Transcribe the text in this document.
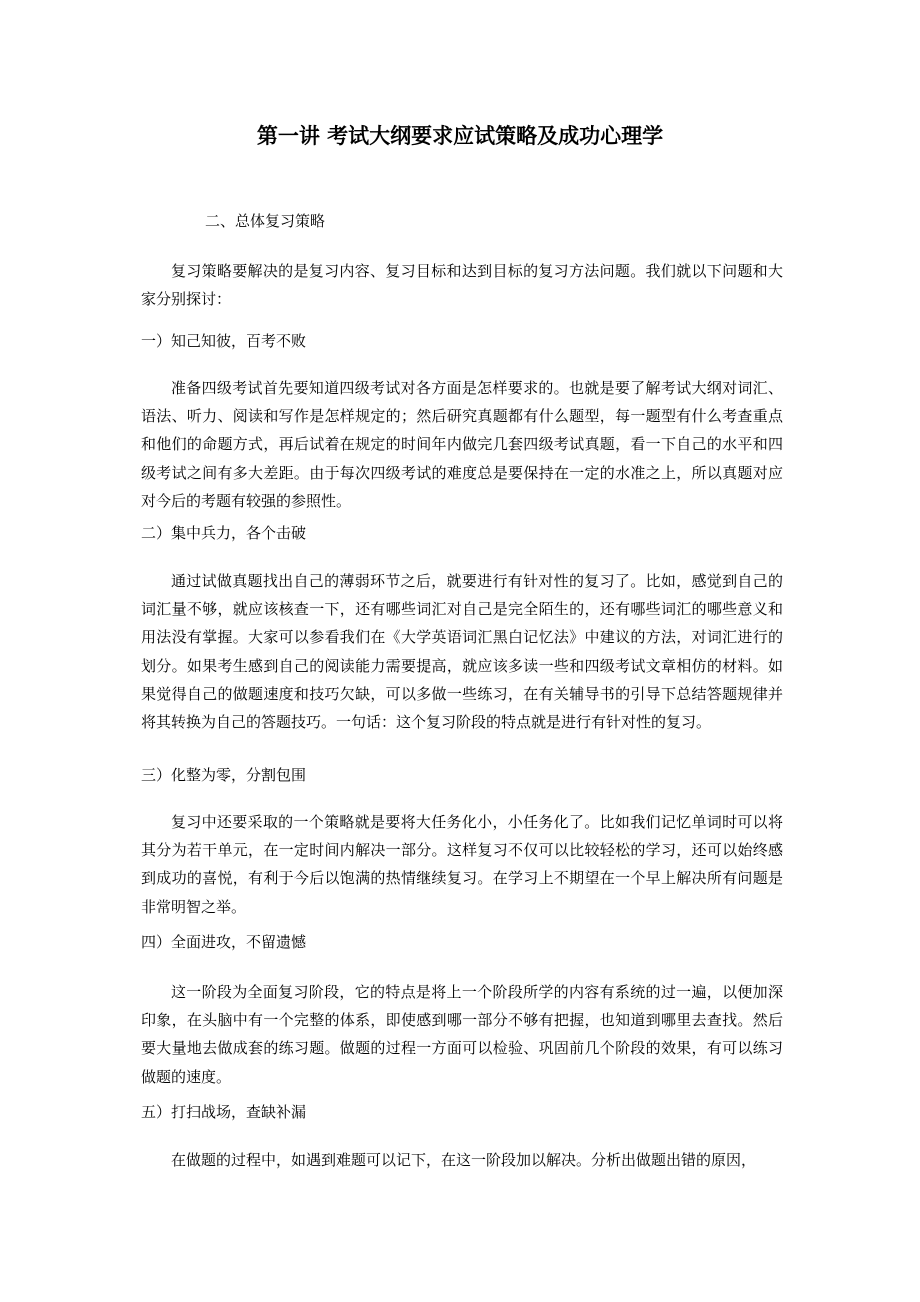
第一讲 考试大纲要求应试策略及成功心理学

二、总体复习策略

复习策略要解决的是复习内容、复习目标和达到目标的复习方法问题。我们就以下问题和大家分别探讨：

一）知己知彼，百考不败

准备四级考试首先要知道四级考试对各方面是怎样要求的。也就是要了解考试大纲对词汇、语法、听力、阅读和写作是怎样规定的；然后研究真题都有什么题型，每一题型有什么考查重点和他们的命题方式，再后试着在规定的时间年内做完几套四级考试真题，看一下自己的水平和四级考试之间有多大差距。由于每次四级考试的难度总是要保持在一定的水准之上，所以真题对应对今后的考题有较强的参照性。

二）集中兵力，各个击破

通过试做真题找出自己的薄弱环节之后，就要进行有针对性的复习了。比如，感觉到自己的词汇量不够，就应该核查一下，还有哪些词汇对自己是完全陌生的，还有哪些词汇的哪些意义和用法没有掌握。大家可以参看我们在《大学英语词汇黑白记忆法》中建议的方法，对词汇进行的划分。如果考生感到自己的阅读能力需要提高，就应该多读一些和四级考试文章相仿的材料。如果觉得自己的做题速度和技巧欠缺，可以多做一些练习，在有关辅导书的引导下总结答题规律并将其转换为自己的答题技巧。一句话：这个复习阶段的特点就是进行有针对性的复习。

三）化整为零，分割包围

复习中还要采取的一个策略就是要将大任务化小，小任务化了。比如我们记忆单词时可以将其分为若干单元，在一定时间内解决一部分。这样复习不仅可以比较轻松的学习，还可以始终感到成功的喜悦，有利于今后以饱满的热情继续复习。在学习上不期望在一个早上解决所有问题是非常明智之举。

四）全面进攻，不留遗憾

这一阶段为全面复习阶段，它的特点是将上一个阶段所学的内容有系统的过一遍，以便加深印象，在头脑中有一个完整的体系，即使感到哪一部分不够有把握，也知道到哪里去查找。然后要大量地去做成套的练习题。做题的过程一方面可以检验、巩固前几个阶段的效果，有可以练习做题的速度。

五）打扫战场，查缺补漏

在做题的过程中，如遇到难题可以记下，在这一阶段加以解决。分析出做题出错的原因，
